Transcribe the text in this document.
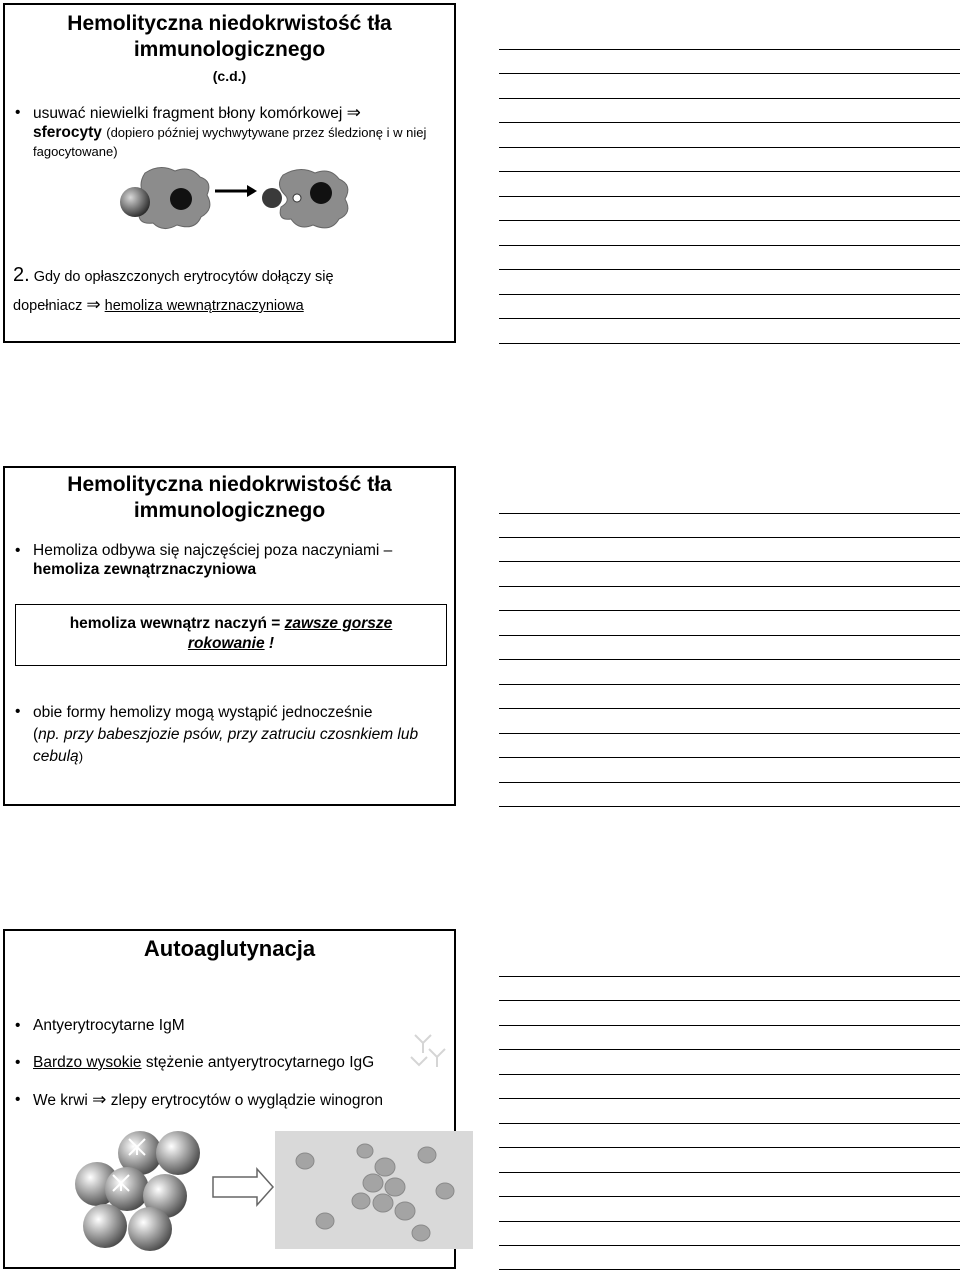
Hemolityczna niedokrwistość tła
immunologicznego
(c.d.)
• usuwać niewielki fragment błony komórkowej ⇒
sferocyty (dopiero później wychwytywane przez śledzionę i w niej fagocytowane)
2. Gdy do opłaszczonych erytrocytów dołączy się
dopełniacz ⇒ hemoliza wewnątrznaczyniowa
Hemolityczna niedokrwistość tła
immunologicznego
• Hemoliza odbywa się najczęściej poza naczyniami –
hemoliza zewnątrznaczyniowa
hemoliza wewnątrz naczyń = zawsze gorsze
rokowanie !
• obie formy hemolizy mogą wystąpić jednocześnie
(np. przy babeszjozie psów, przy zatruciu czosnkiem lub cebulą)
Autoaglutynacja
• Antyerytrocytarne IgM
• Bardzo wysokie stężenie antyerytrocytarnego IgG
• We krwi ⇒ zlepy erytrocytów o wyglądzie winogron
